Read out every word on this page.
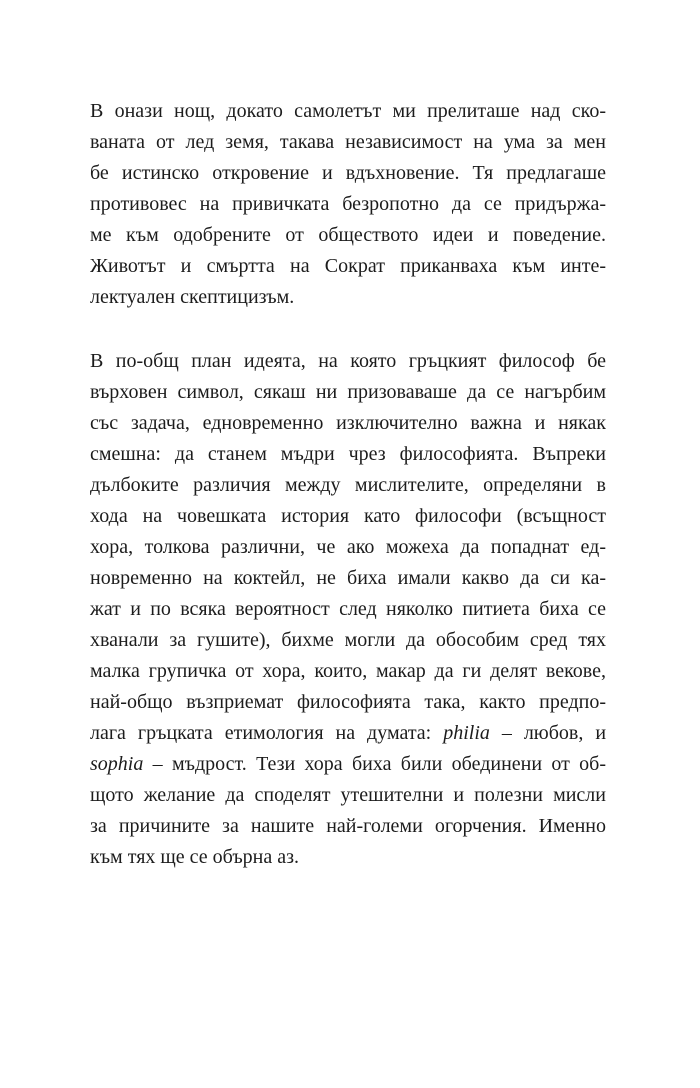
В онази нощ, докато самолетът ми прелиташе над ско-

ваната от лед земя, такава независимост на ума за мен

бе истинско откровение и вдъхновение. Тя предлагаше

противовес на привичката безропотно да се придържа-

ме към одобрените от обществото идеи и поведение.

Животът и смъртта на Сократ приканваха към инте-

лектуален скептицизъм.

В по-общ план идеята, на която гръцкият философ бе

върховен символ, сякаш ни призоваваше да се нагърбим

със задача, едновременно изключително важна и някак

смешна: да станем мъдри чрез философията. Въпреки

дълбоките различия между мислителите, определяни в

хода на човешката история като философи (всъщност

хора, толкова различни, че ако можеха да попаднат ед-

новременно на коктейл, не биха имали какво да си ка-

жат и по всяка вероятност след няколко питиета биха се

хванали за гушите), бихме могли да обособим сред тях

малка групичка от хора, които, макар да ги делят векове,

най-общо възприемат философията така, както предпо-

лага гръцката етимология на думата: philia – любов, и

sophia – мъдрост. Тези хора биха били обединени от об-

щото желание да споделят утешителни и полезни мисли

за причините за нашите най-големи огорчения. Именно

към тях ще се обърна аз.
